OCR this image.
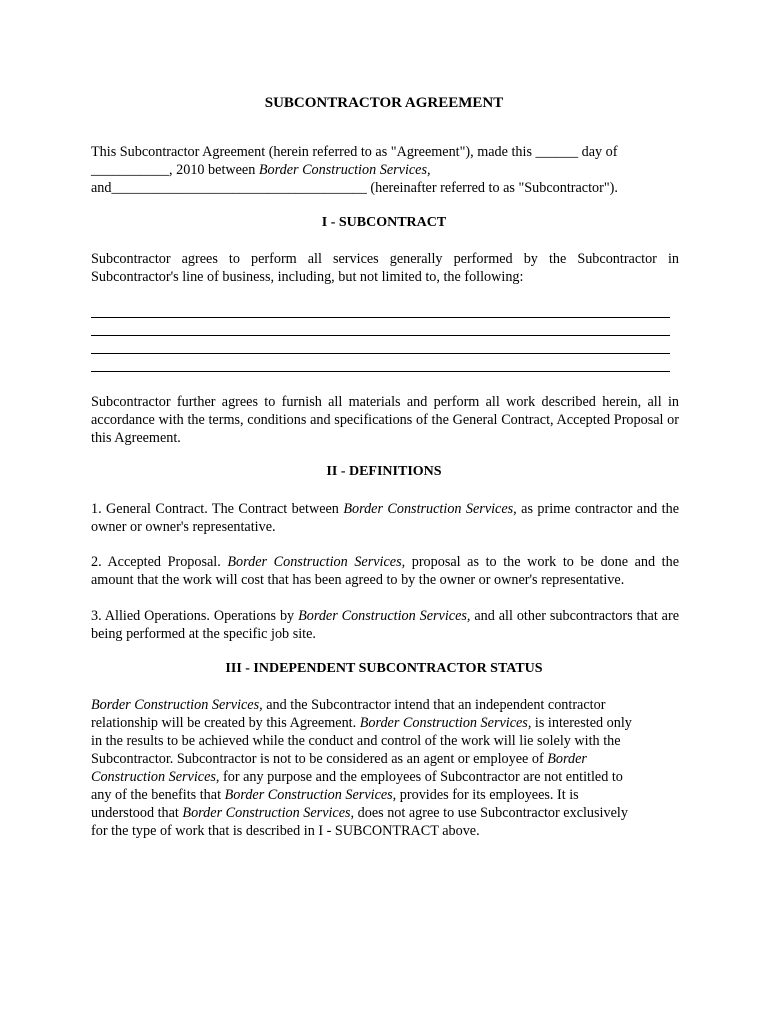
SUBCONTRACTOR AGREEMENT
This Subcontractor Agreement (herein referred to as "Agreement"), made this ______ day of
___________, 2010 between Border Construction Services,
and____________________________________ (hereinafter referred to as "Subcontractor").
I - SUBCONTRACT

Subcontractor agrees to perform all services generally performed by the Subcontractor in Subcontractor's line of business, including, but not limited to, the following:

Subcontractor further agrees to furnish all materials and perform all work described herein, all in accordance with the terms, conditions and specifications of the General Contract, Accepted Proposal or this Agreement.

II - DEFINITIONS

1. General Contract. The Contract between Border Construction Services, as prime contractor and the owner or owner's representative.

2. Accepted Proposal. Border Construction Services, proposal as to the work to be done and the amount that the work will cost that has been agreed to by the owner or owner's representative.

3. Allied Operations. Operations by Border Construction Services, and all other subcontractors that are being performed at the specific job site.

III - INDEPENDENT SUBCONTRACTOR STATUS
Border Construction Services, and the Subcontractor intend that an independent contractor
relationship will be created by this Agreement. Border Construction Services, is interested only
in the results to be achieved while the conduct and control of the work will lie solely with the
Subcontractor. Subcontractor is not to be considered as an agent or employee of Border
Construction Services, for any purpose and the employees of Subcontractor are not entitled to
any of the benefits that Border Construction Services, provides for its employees. It is
understood that Border Construction Services, does not agree to use Subcontractor exclusively
for the type of work that is described in I - SUBCONTRACT above.
